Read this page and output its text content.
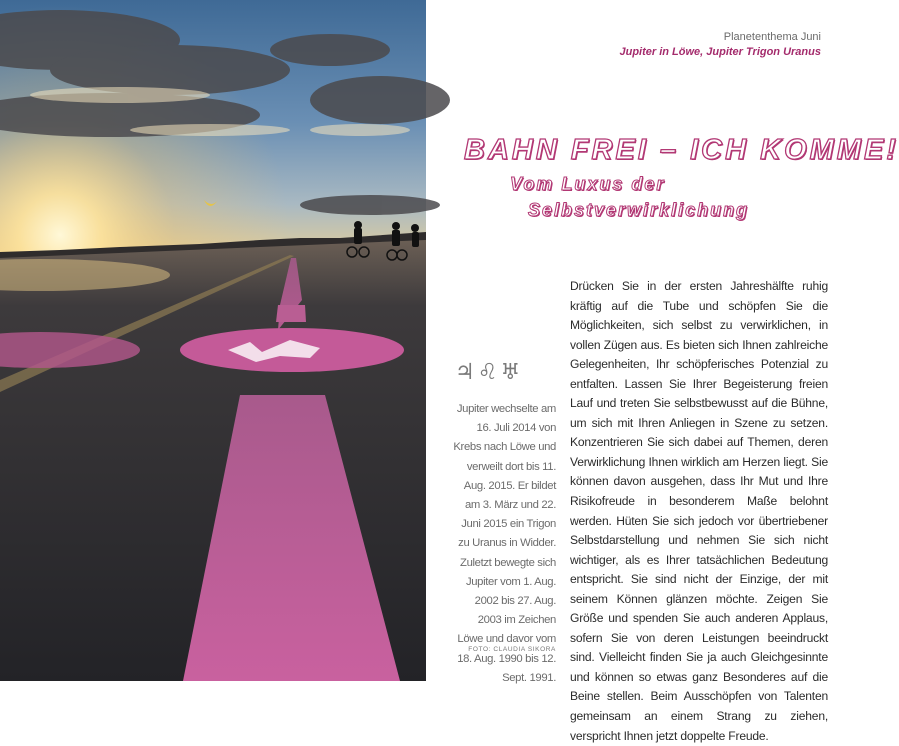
Planetenthema Juni
Jupiter in Löwe, Jupiter Trigon Uranus
BAHN FREI – ICH KOMME!
Vom Luxus der
Selbstverwirklichung
♃♌♅
Jupiter wechselte am 16. Juli 2014 von Krebs nach Löwe und verweilt dort bis 11. Aug. 2015. Er bildet am 3. März und 22. Juni 2015 ein Trigon zu Uranus in Widder. Zuletzt bewegte sich Jupiter vom 1. Aug. 2002 bis 27. Aug. 2003 im Zeichen Löwe und davor vom 18. Aug. 1990 bis 12. Sept. 1991.
FOTO: CLAUDIA SIKORA

Drücken Sie in der ersten Jahreshälfte ruhig kräftig auf die Tube und schöpfen Sie die Möglichkeiten, sich selbst zu verwirklichen, in vollen Zügen aus. Es bieten sich Ihnen zahlreiche Gelegenheiten, Ihr schöpferisches Potenzial zu entfalten. Lassen Sie Ihrer Begeisterung freien Lauf und treten Sie selbstbewusst auf die Bühne, um sich mit Ihren Anliegen in Szene zu setzen. Konzentrieren Sie sich dabei auf Themen, deren Verwirklichung Ihnen wirklich am Herzen liegt. Sie können davon ausgehen, dass Ihr Mut und Ihre Risikofreude in besonderem Maße belohnt werden. Hüten Sie sich jedoch vor übertriebener Selbstdarstellung und nehmen Sie sich nicht wichtiger, als es Ihrer tatsächlichen Bedeutung entspricht. Sie sind nicht der Einzige, der mit seinem Können glänzen möchte. Zeigen Sie Größe und spenden Sie auch anderen Applaus, sofern Sie von deren Leistungen beeindruckt sind. Vielleicht finden Sie ja auch Gleichgesinnte und können so etwas ganz Besonderes auf die Beine stellen. Beim Ausschöpfen von Talenten gemeinsam an einem Strang zu ziehen, verspricht Ihnen jetzt doppelte Freude.
